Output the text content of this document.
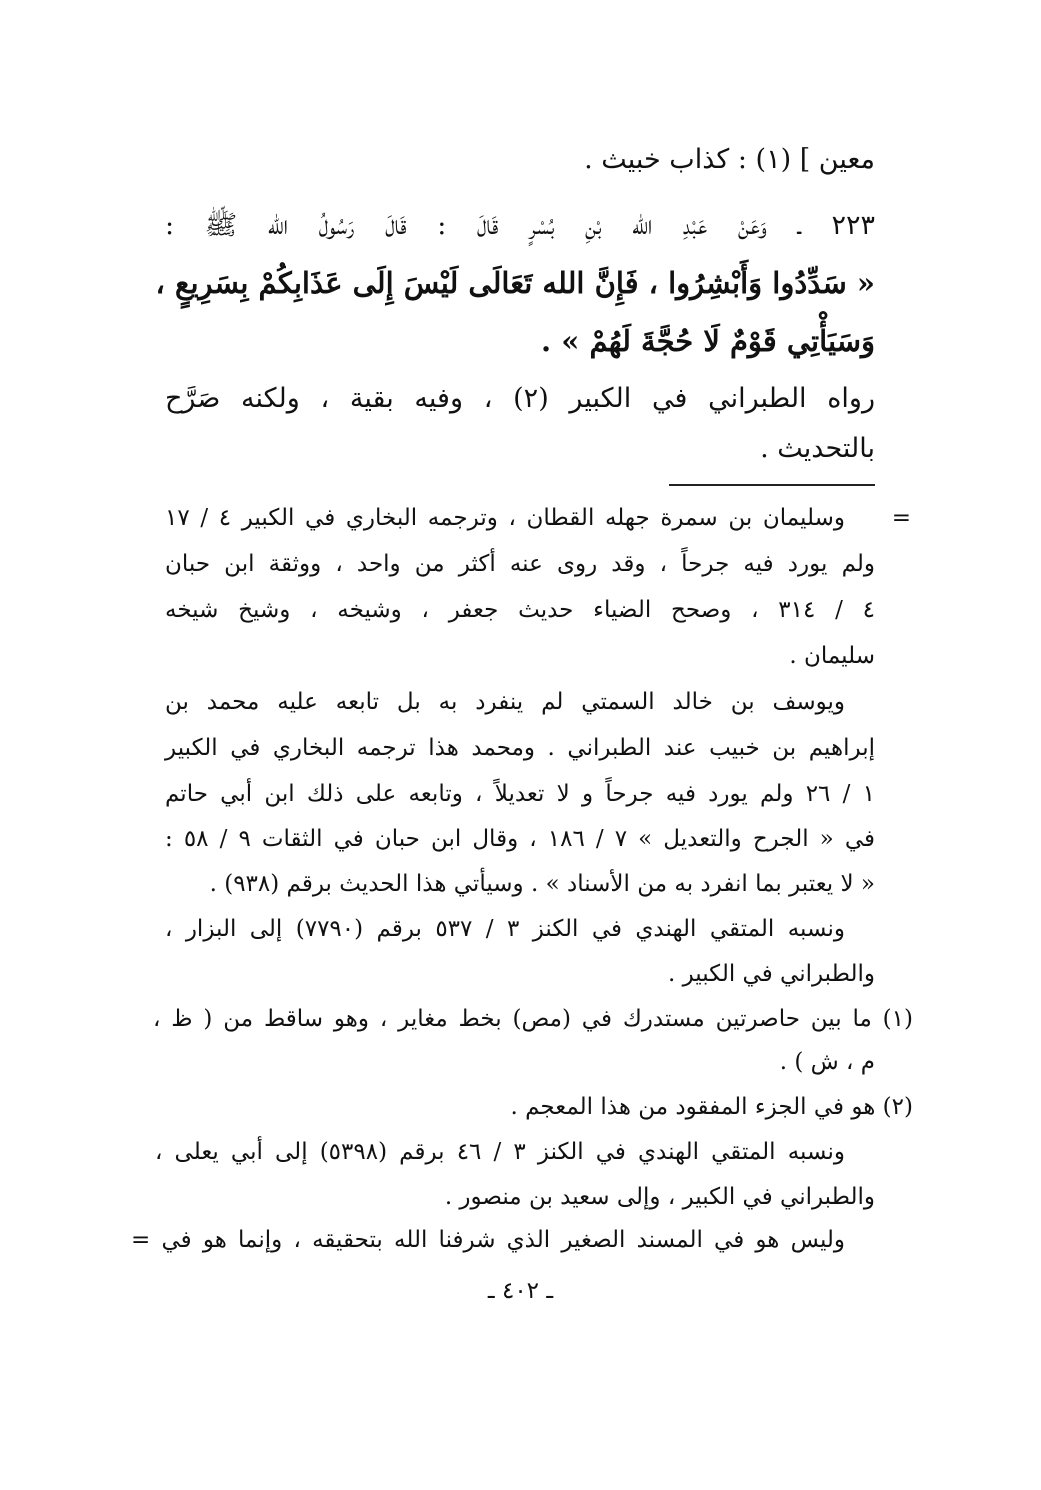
معين ] (١) : كذاب خبيث .
٢٢٣ ـ وَعَنْ عَبْدِ الله بْنِ بُسْرٍ قَالَ : قَالَ رَسُولُ الله ﷺ :
« سَدِّدُوا وَأَبْشِرُوا ، فَإِنَّ الله تَعَالَى لَيْسَ إِلَى عَذَابِكُمْ بِسَرِيعٍ ،
وَسَيَأْتِي قَوْمٌ لَا حُجَّةَ لَهُمْ » .
رواه الطبراني في الكبير (٢) ، وفيه بقية ، ولكنه صَرَّح
بالتحديث .
=
وسليمان بن سمرة جهله القطان ، وترجمه البخاري في الكبير ٤ / ١٧
ولم يورد فيه جرحاً ، وقد روى عنه أكثر من واحد ، ووثقة ابن حبان
٤ / ٣١٤ ، وصحح الضياء حديث جعفر ، وشيخه ، وشيخ شيخه
سليمان .
ويوسف بن خالد السمتي لم ينفرد به بل تابعه عليه محمد بن
إبراهيم بن خبيب عند الطبراني . ومحمد هذا ترجمه البخاري في الكبير
١ / ٢٦ ولم يورد فيه جرحاً و لا تعديلاً ، وتابعه على ذلك ابن أبي حاتم
في « الجرح والتعديل » ٧ / ١٨٦ ، وقال ابن حبان في الثقات ٩ / ٥٨ :
« لا يعتبر بما انفرد به من الأسناد » . وسيأتي هذا الحديث برقم (٩٣٨) .
ونسبه المتقي الهندي في الكنز ٣ / ٥٣٧ برقم (٧٧٩٠) إلى البزار ،
والطبراني في الكبير .
(١) ما بين حاصرتين مستدرك في (مص) بخط مغاير ، وهو ساقط من ( ظ ،
م ، ش ) .
(٢) هو في الجزء المفقود من هذا المعجم .
ونسبه المتقي الهندي في الكنز ٣ / ٤٦ برقم (٥٣٩٨) إلى أبي يعلى ،
والطبراني في الكبير ، وإلى سعيد بن منصور .
وليس هو في المسند الصغير الذي شرفنا الله بتحقيقه ، وإنما هو في =
ـ ٤٠٢ ـ
